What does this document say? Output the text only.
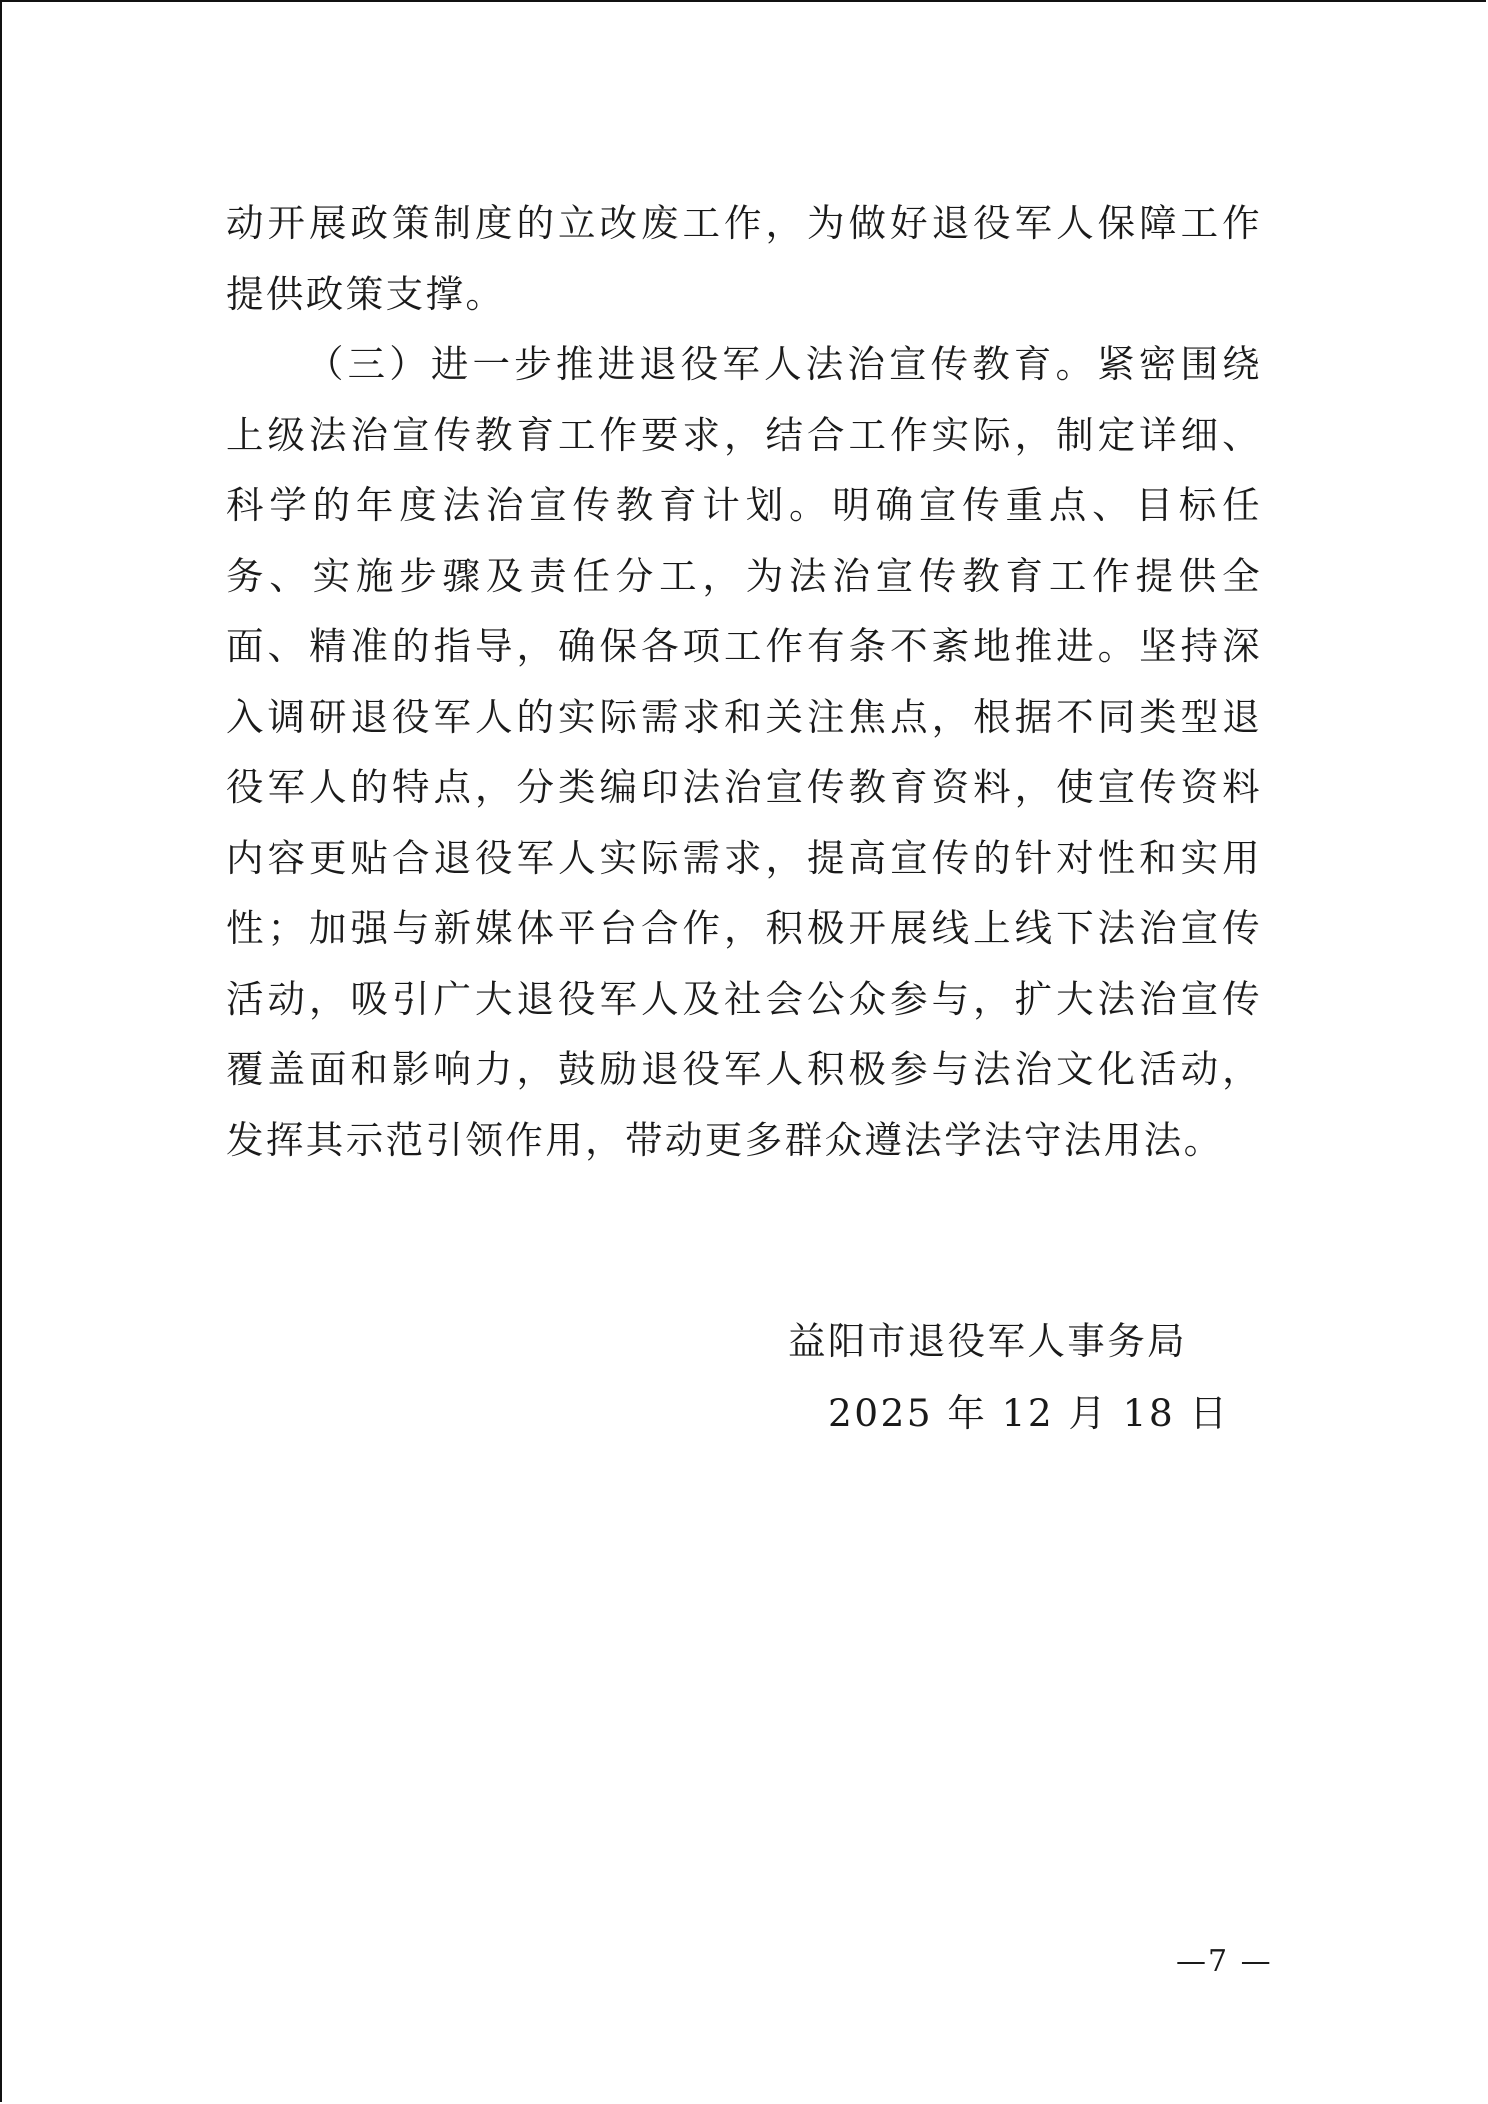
动开展政策制度的立改废工作，为做好退役军人保障工作提供政策支撑。

（三）进一步推进退役军人法治宣传教育。紧密围绕上级法治宣传教育工作要求，结合工作实际，制定详细、科学的年度法治宣传教育计划。明确宣传重点、目标任务、实施步骤及责任分工，为法治宣传教育工作提供全面、精准的指导，确保各项工作有条不紊地推进。坚持深入调研退役军人的实际需求和关注焦点，根据不同类型退役军人的特点，分类编印法治宣传教育资料，使宣传资料内容更贴合退役军人实际需求，提高宣传的针对性和实用性；加强与新媒体平台合作，积极开展线上线下法治宣传活动，吸引广大退役军人及社会公众参与，扩大法治宣传覆盖面和影响力，鼓励退役军人积极参与法治文化活动，发挥其示范引领作用，带动更多群众遵法学法守法用法。

益阳市退役军人事务局
2025 年 12 月 18 日
—7 —
